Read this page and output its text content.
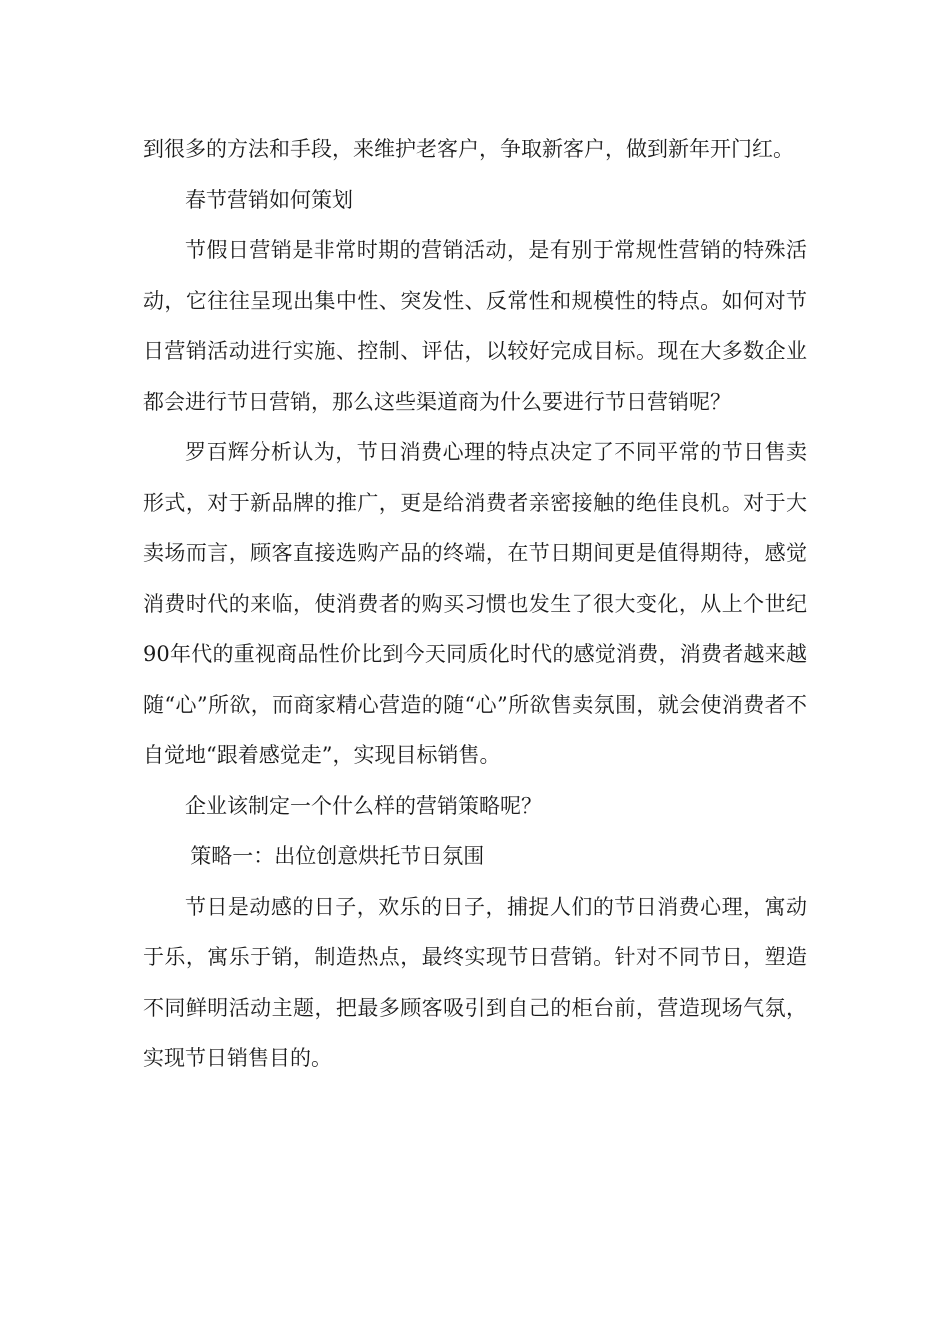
到很多的方法和手段，来维护老客户，争取新客户，做到新年开门红。

春节营销如何策划

节假日营销是非常时期的营销活动，是有别于常规性营销的特殊活动，它往往呈现出集中性、突发性、反常性和规模性的特点。如何对节日营销活动进行实施、控制、评估，以较好完成目标。现在大多数企业都会进行节日营销，那么这些渠道商为什么要进行节日营销呢？

罗百辉分析认为，节日消费心理的特点决定了不同平常的节日售卖形式，对于新品牌的推广，更是给消费者亲密接触的绝佳良机。对于大卖场而言，顾客直接选购产品的终端，在节日期间更是值得期待，感觉消费时代的来临，使消费者的购买习惯也发生了很大变化，从上个世纪90年代的重视商品性价比到今天同质化时代的感觉消费，消费者越来越随“心”所欲，而商家精心营造的随“心”所欲售卖氛围，就会使消费者不自觉地“跟着感觉走”，实现目标销售。

企业该制定一个什么样的营销策略呢？

策略一：出位创意烘托节日氛围

节日是动感的日子，欢乐的日子，捕捉人们的节日消费心理，寓动于乐，寓乐于销，制造热点，最终实现节日营销。针对不同节日，塑造不同鲜明活动主题，把最多顾客吸引到自己的柜台前，营造现场气氛，实现节日销售目的。
